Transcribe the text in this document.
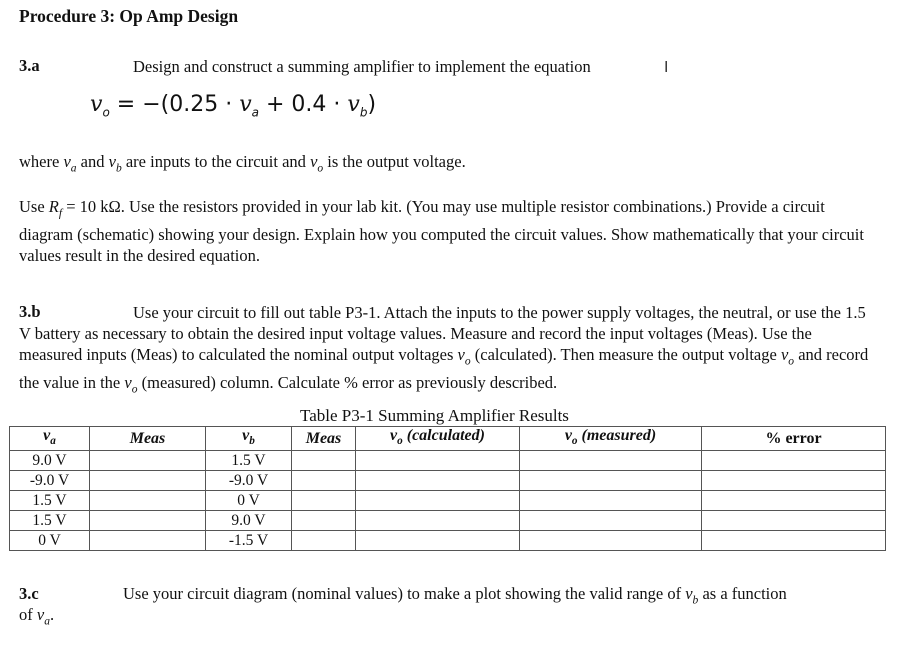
Procedure 3: Op Amp Design
3.a	Design and construct a summing amplifier to implement the equation	Ι
$v_o = -(0.25 \cdot v_a + 0.4 \cdot v_b)$
where $v_a$ and $v_b$ are inputs to the circuit and $v_o$ is the output voltage.
Use $R_f = 10$ kΩ. Use the resistors provided in your lab kit. (You may use multiple resistor combinations.) Provide a circuit diagram (schematic) showing your design. Explain how you computed the circuit values. Show mathematically that your circuit values result in the desired equation.
3.b	Use your circuit to fill out table P3-1. Attach the inputs to the power supply voltages, the neutral, or use the 1.5 V battery as necessary to obtain the desired input voltage values. Measure and record the input voltages (Meas). Use the measured inputs (Meas) to calculated the nominal output voltages $v_o$ (calculated). Then measure the output voltage $v_o$ and record the value in the $v_o$ (measured) column. Calculate % error as previously described.
Table P3-1 Summing Amplifier Results
$v_a$	Meas	$v_b$	Meas	$v_o$ (calculated)	$v_o$ (measured)	% error
9.0 V		1.5 V				
-9.0 V		-9.0 V				
1.5 V		0 V				
1.5 V		9.0 V				
0 V		-1.5 V				
3.c	Use your circuit diagram (nominal values) to make a plot showing the valid range of $v_b$ as a function
of $v_a$.
